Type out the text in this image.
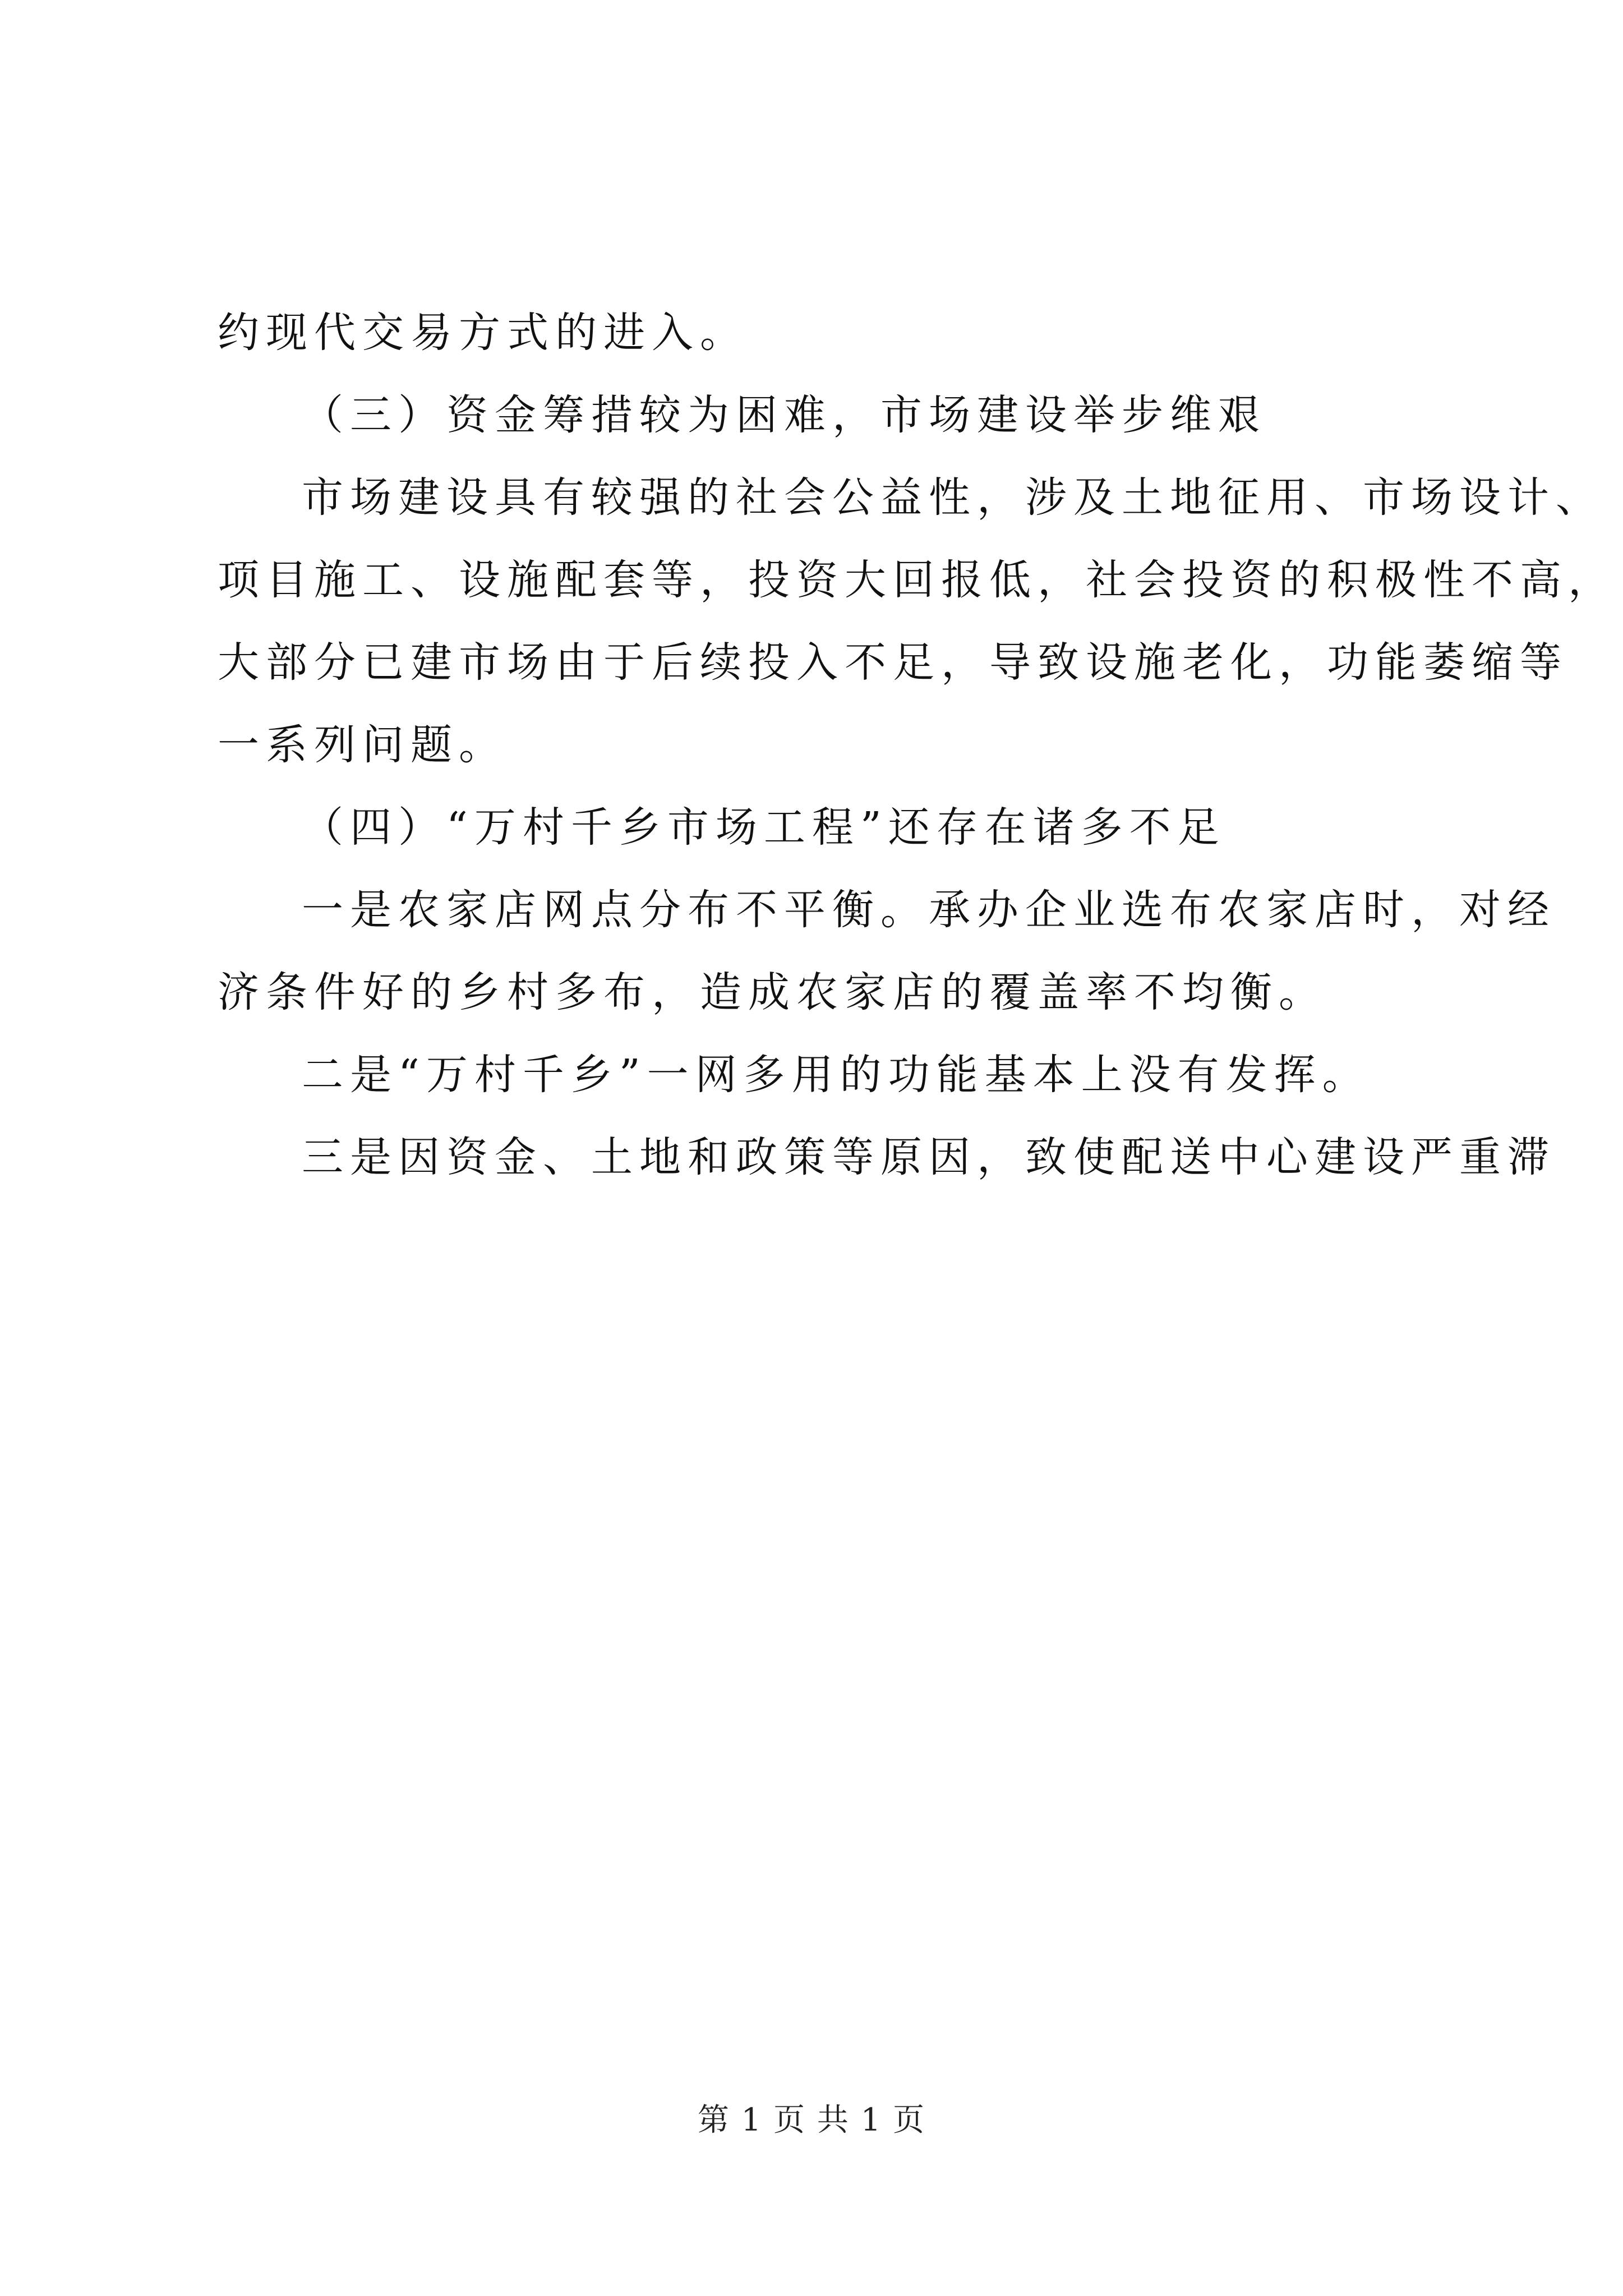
约现代交易方式的进入。
（三）资金筹措较为困难，市场建设举步维艰
市场建设具有较强的社会公益性，涉及土地征用、市场设计、
项目施工、设施配套等，投资大回报低，社会投资的积极性不高，
大部分已建市场由于后续投入不足，导致设施老化，功能萎缩等
一系列问题。
（四）“万村千乡市场工程”还存在诸多不足
一是农家店网点分布不平衡。承办企业选布农家店时，对经
济条件好的乡村多布，造成农家店的覆盖率不均衡。
二是“万村千乡”一网多用的功能基本上没有发挥。
三是因资金、土地和政策等原因，致使配送中心建设严重滞
第 1 页 共 1 页
